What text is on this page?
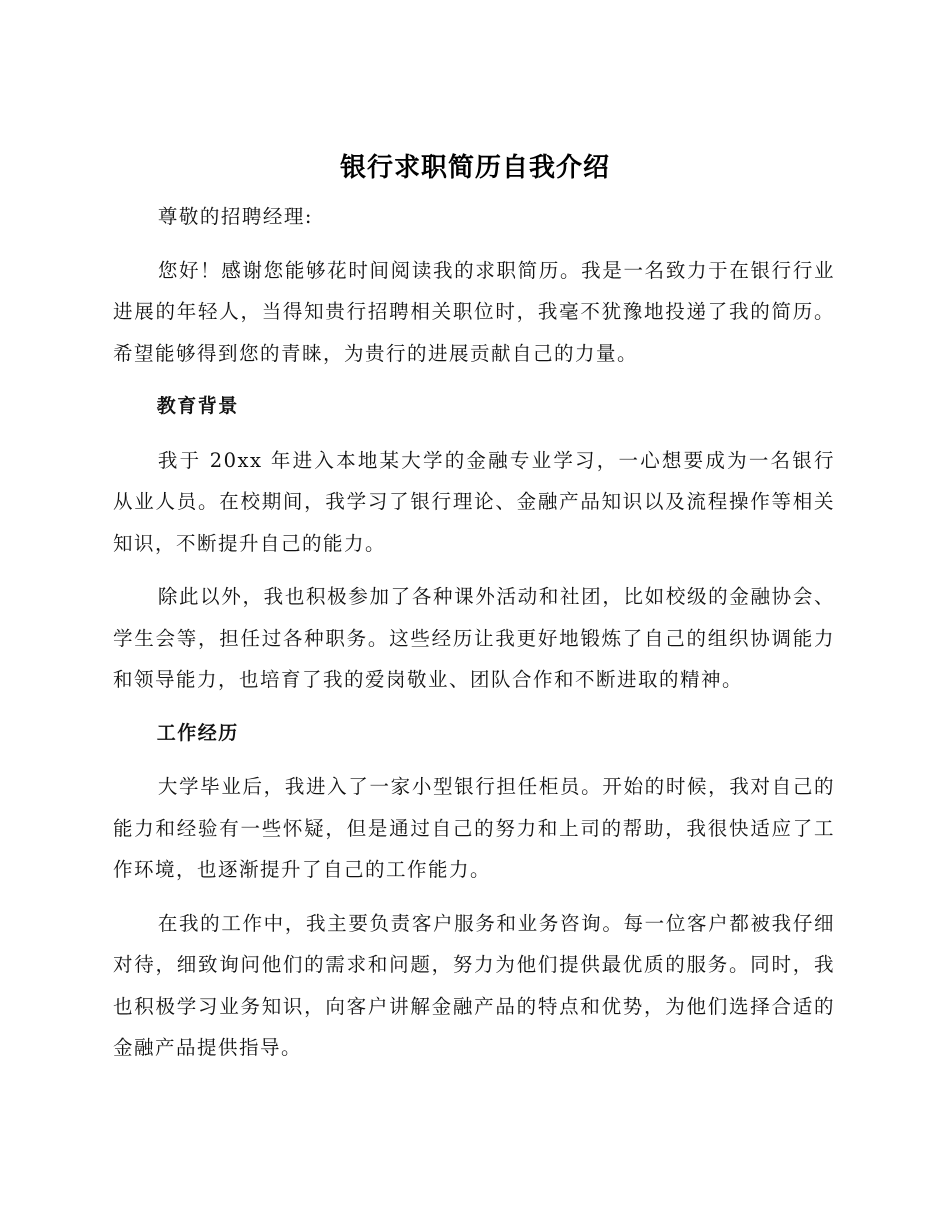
银行求职简历自我介绍

尊敬的招聘经理:

您好！感谢您能够花时间阅读我的求职简历。我是一名致力于在银行行业进展的年轻人，当得知贵行招聘相关职位时，我毫不犹豫地投递了我的简历。希望能够得到您的青睐，为贵行的进展贡献自己的力量。

教育背景

我于 20xx 年进入本地某大学的金融专业学习，一心想要成为一名银行从业人员。在校期间，我学习了银行理论、金融产品知识以及流程操作等相关知识，不断提升自己的能力。

除此以外，我也积极参加了各种课外活动和社团，比如校级的金融协会、学生会等，担任过各种职务。这些经历让我更好地锻炼了自己的组织协调能力和领导能力，也培育了我的爱岗敬业、团队合作和不断进取的精神。

工作经历

大学毕业后，我进入了一家小型银行担任柜员。开始的时候，我对自己的能力和经验有一些怀疑，但是通过自己的努力和上司的帮助，我很快适应了工作环境，也逐渐提升了自己的工作能力。

在我的工作中，我主要负责客户服务和业务咨询。每一位客户都被我仔细对待，细致询问他们的需求和问题，努力为他们提供最优质的服务。同时，我也积极学习业务知识，向客户讲解金融产品的特点和优势，为他们选择合适的金融产品提供指导。
